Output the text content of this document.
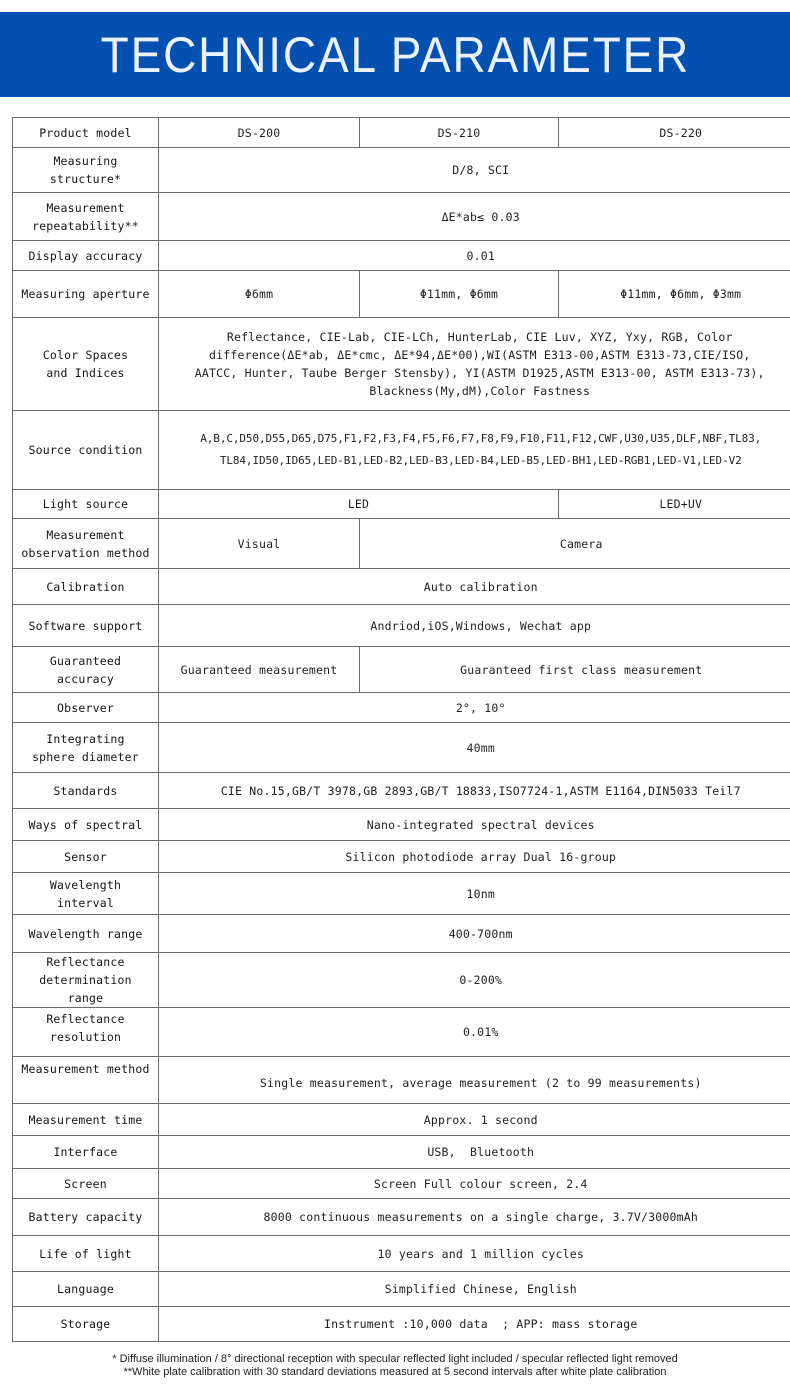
TECHNICAL PARAMETER
Product model	DS-200	DS-210	DS-220
Measuring structure*	D/8, SCI		
Measurement repeatability**	ΔE*ab≤ 0.03		
Display accuracy	0.01		
Measuring aperture	Φ6mm	Φ11mm, Φ6mm	Φ11mm, Φ6mm, Φ3mm
Color Spaces and Indices	Reflectance, CIE-Lab, CIE-LCh, HunterLab, CIE Luv, XYZ, Yxy, RGB, Color difference(ΔE*ab, ΔE*cmc, ΔE*94,ΔE*00),WI(ASTM E313-00,ASTM E313-73,CIE/ISO, AATCC, Hunter, Taube Berger Stensby), YI(ASTM D1925,ASTM E313-00, ASTM E313-73), Blackness(My,dM),Color Fastness		
Source condition	A,B,C,D50,D55,D65,D75,F1,F2,F3,F4,F5,F6,F7,F8,F9,F10,F11,F12,CWF,U30,U35,DLF,NBF,TL83, TL84,ID50,ID65,LED-B1,LED-B2,LED-B3,LED-B4,LED-B5,LED-BH1,LED-RGB1,LED-V1,LED-V2		
Light source	LED		LED+UV
Measurement observation method	Visual	Camera	
Calibration	Auto calibration		
Software support	Andriod,iOS,Windows, Wechat app		
Guaranteed accuracy	Guaranteed measurement	Guaranteed first class measurement	
Observer	2°, 10°		
Integrating sphere diameter	40mm		
Standards	CIE No.15,GB/T 3978,GB 2893,GB/T 18833,ISO7724-1,ASTM E1164,DIN5033 Teil7		
Ways of spectral	Nano-integrated spectral devices		
Sensor	Silicon photodiode array Dual 16-group		
Wavelength interval	10nm		
Wavelength range	400-700nm		
Reflectance determination range	0-200%		
Reflectance resolution	0.01%		
Measurement method	Single measurement, average measurement (2 to 99 measurements)		
Measurement time	Approx. 1 second		
Interface	USB,  Bluetooth		
Screen	Screen Full colour screen, 2.4		
Battery capacity	8000 continuous measurements on a single charge, 3.7V/3000mAh		
Life of light	10 years and 1 million cycles		
Language	Simplified Chinese, English		
Storage	Instrument :10,000 data  ; APP: mass storage		
* Diffuse illumination / 8° directional reception with specular reflected light included / specular reflected light removed
**White plate calibration with 30 standard deviations measured at 5 second intervals after white plate calibration
